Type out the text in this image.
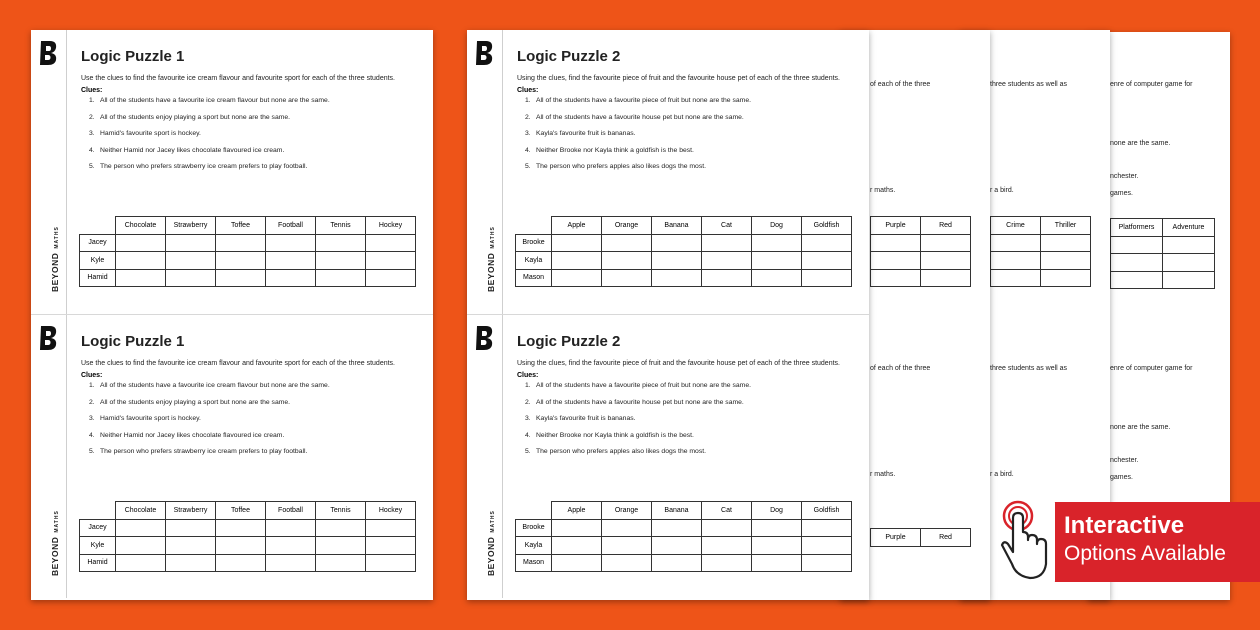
enre of computer game for
none are the same.
nchester.
games.
Platformers	Adventure

enre of computer game for
none are the same.
nchester.
games.
three students as well as
r a bird.
Crime	Thriller

three students as well as
r a bird.
of each of the three
r maths.
Purple	Red

of each of the three
r maths.
Purple	Red
BEYONDMATHS
Logic Puzzle 1
Use the clues to find the favourite ice cream flavour and favourite sport for each of the three students.
Clues:
1. All of the students have a favourite ice cream flavour but none are the same.
2. All of the students enjoy playing a sport but none are the same.
3. Hamid's favourite sport is hockey.
4. Neither Hamid nor Jacey likes chocolate flavoured ice cream.
5. The person who prefers strawberry ice cream prefers to play football.
	Chocolate	Strawberry	Toffee	Football	Tennis	Hockey
Jacey						
Kyle						
Hamid						
BEYONDMATHS
Logic Puzzle 1
Use the clues to find the favourite ice cream flavour and favourite sport for each of the three students.
Clues:
1. All of the students have a favourite ice cream flavour but none are the same.
2. All of the students enjoy playing a sport but none are the same.
3. Hamid's favourite sport is hockey.
4. Neither Hamid nor Jacey likes chocolate flavoured ice cream.
5. The person who prefers strawberry ice cream prefers to play football.
	Chocolate	Strawberry	Toffee	Football	Tennis	Hockey
Jacey						
Kyle						
Hamid						
BEYONDMATHS
Logic Puzzle 2
Using the clues, find the favourite piece of fruit and the favourite house pet of each of the three students.
Clues:
1. All of the students have a favourite piece of fruit but none are the same.
2. All of the students have a favourite house pet but none are the same.
3. Kayla's favourite fruit is bananas.
4. Neither Brooke nor Kayla think a goldfish is the best.
5. The person who prefers apples also likes dogs the most.
	Apple	Orange	Banana	Cat	Dog	Goldfish
Brooke						
Kayla						
Mason						
BEYONDMATHS
Logic Puzzle 2
Using the clues, find the favourite piece of fruit and the favourite house pet of each of the three students.
Clues:
1. All of the students have a favourite piece of fruit but none are the same.
2. All of the students have a favourite house pet but none are the same.
3. Kayla's favourite fruit is bananas.
4. Neither Brooke nor Kayla think a goldfish is the best.
5. The person who prefers apples also likes dogs the most.
	Apple	Orange	Banana	Cat	Dog	Goldfish
Brooke						
Kayla						
Mason						
Interactive
Options Available
